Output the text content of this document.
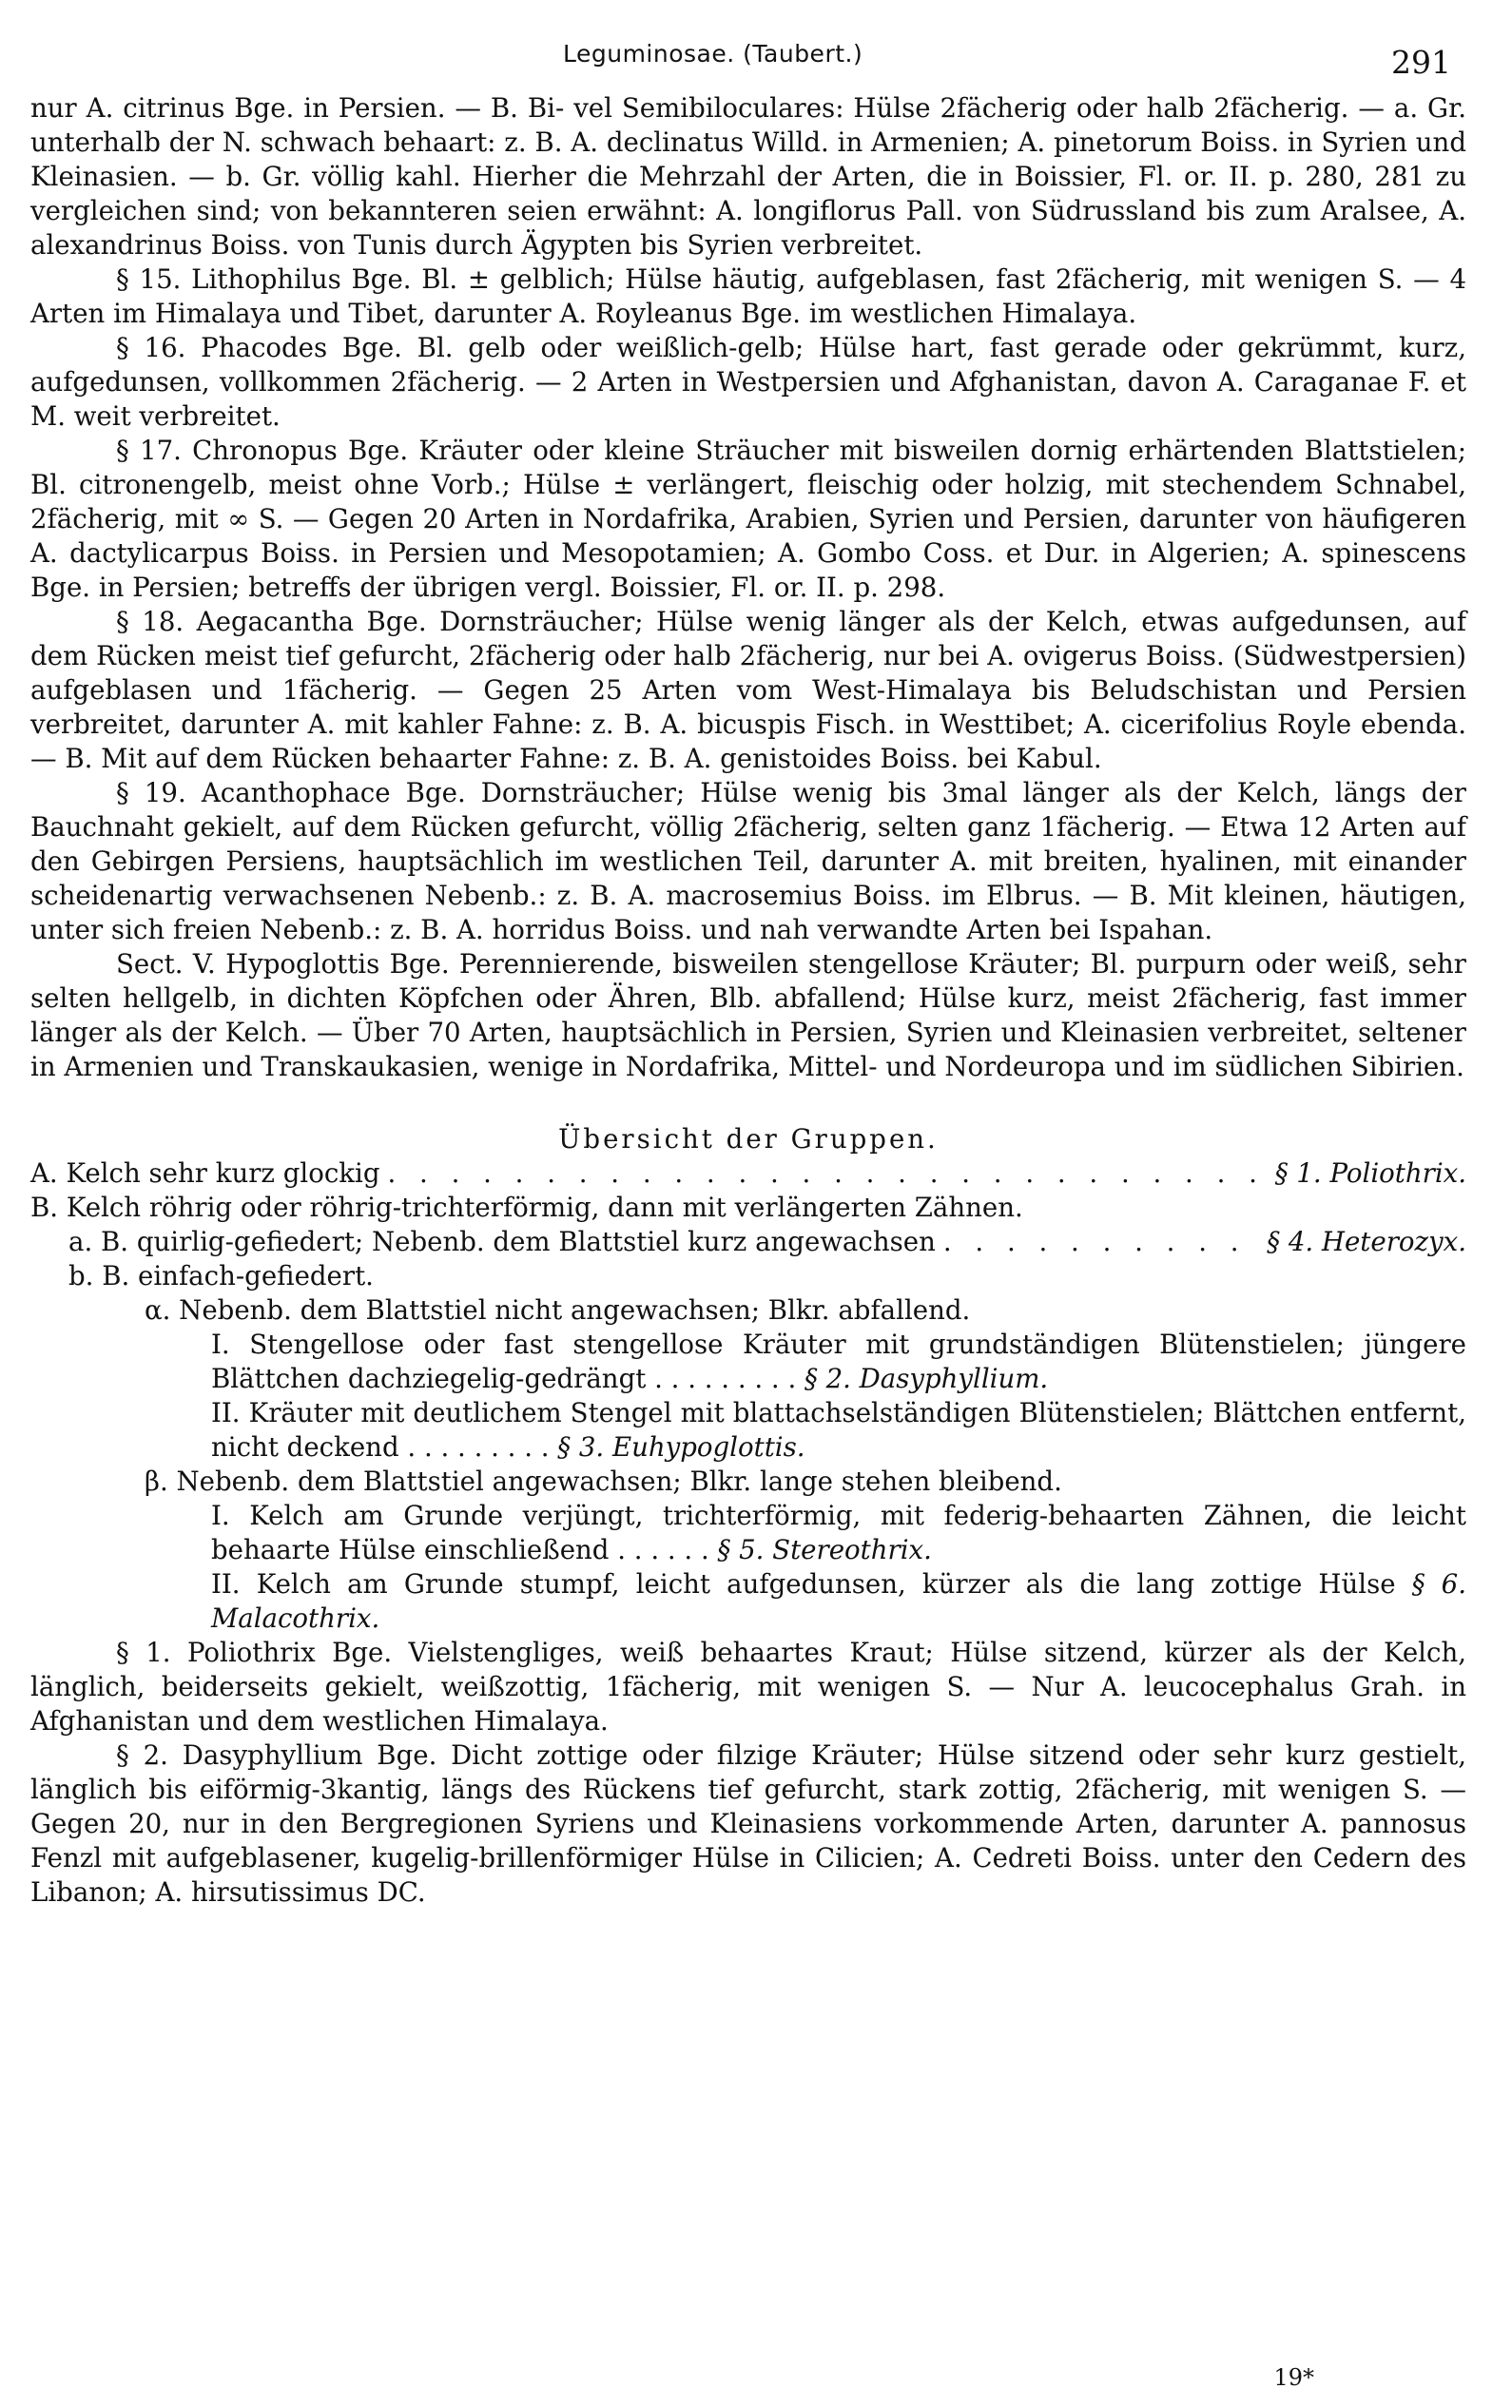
Leguminosae. (Taubert.)	291

nur A. citrinus Bge. in Persien. — B. Bi- vel Semibiloculares: Hülse 2fächerig oder halb 2fächerig. — a. Gr. unterhalb der N. schwach behaart: z. B. A. declinatus Willd. in Armenien; A. pinetorum Boiss. in Syrien und Kleinasien. — b. Gr. völlig kahl. Hierher die Mehrzahl der Arten, die in Boissier, Fl. or. II. p. 280, 281 zu vergleichen sind; von bekannteren seien erwähnt: A. longiflorus Pall. von Südrussland bis zum Aralsee, A. alexandrinus Boiss. von Tunis durch Ägypten bis Syrien verbreitet.

§ 15. Lithophilus Bge. Bl. ± gelblich; Hülse häutig, aufgeblasen, fast 2fächerig, mit wenigen S. — 4 Arten im Himalaya und Tibet, darunter A. Royleanus Bge. im westlichen Himalaya.

§ 16. Phacodes Bge. Bl. gelb oder weißlich-gelb; Hülse hart, fast gerade oder gekrümmt, kurz, aufgedunsen, vollkommen 2fächerig. — 2 Arten in Westpersien und Afghanistan, davon A. Caraganae F. et M. weit verbreitet.

§ 17. Chronopus Bge. Kräuter oder kleine Sträucher mit bisweilen dornig erhärtenden Blattstielen; Bl. citronengelb, meist ohne Vorb.; Hülse ± verlängert, fleischig oder holzig, mit stechendem Schnabel, 2fächerig, mit ∞ S. — Gegen 20 Arten in Nordafrika, Arabien, Syrien und Persien, darunter von häufigeren A. dactylicarpus Boiss. in Persien und Mesopotamien; A. Gombo Coss. et Dur. in Algerien; A. spinescens Bge. in Persien; betreffs der übrigen vergl. Boissier, Fl. or. II. p. 298.

§ 18. Aegacantha Bge. Dornsträucher; Hülse wenig länger als der Kelch, etwas aufgedunsen, auf dem Rücken meist tief gefurcht, 2fächerig oder halb 2fächerig, nur bei A. ovigerus Boiss. (Südwestpersien) aufgeblasen und 1fächerig. — Gegen 25 Arten vom West-Himalaya bis Beludschistan und Persien verbreitet, darunter A. mit kahler Fahne: z. B. A. bicuspis Fisch. in Westtibet; A. cicerifolius Royle ebenda. — B. Mit auf dem Rücken behaarter Fahne: z. B. A. genistoides Boiss. bei Kabul.

§ 19. Acanthophace Bge. Dornsträucher; Hülse wenig bis 3mal länger als der Kelch, längs der Bauchnaht gekielt, auf dem Rücken gefurcht, völlig 2fächerig, selten ganz 1fächerig. — Etwa 12 Arten auf den Gebirgen Persiens, hauptsächlich im westlichen Teil, darunter A. mit breiten, hyalinen, mit einander scheidenartig verwachsenen Nebenb.: z. B. A. macrosemius Boiss. im Elbrus. — B. Mit kleinen, häutigen, unter sich freien Nebenb.: z. B. A. horridus Boiss. und nah verwandte Arten bei Ispahan.

Sect. V. Hypoglottis Bge. Perennierende, bisweilen stengellose Kräuter; Bl. purpurn oder weiß, sehr selten hellgelb, in dichten Köpfchen oder Ähren, Blb. abfallend; Hülse kurz, meist 2fächerig, fast immer länger als der Kelch. — Über 70 Arten, hauptsächlich in Persien, Syrien und Kleinasien verbreitet, seltener in Armenien und Transkaukasien, wenige in Nordafrika, Mittel- und Nordeuropa und im südlichen Sibirien.

Übersicht der Gruppen.

A. Kelch sehr kurz glockig . . .	§ 1. Poliothrix.

B. Kelch röhrig oder röhrig-trichterförmig, dann mit verlängerten Zähnen.

a. B. quirlig-gefiedert; Nebenb. dem Blattstiel kurz angewachsen . . .	§ 4. Heterozyx.

b. B. einfach-gefiedert.

α. Nebenb. dem Blattstiel nicht angewachsen; Blkr. abfallend.

I. Stengellose oder fast stengellose Kräuter mit grundständigen Blütenstielen; jüngere Blättchen dachziegelig-gedrängt . . . . . . . . . § 2. Dasyphyllium.

II. Kräuter mit deutlichem Stengel mit blattachselständigen Blütenstielen; Blättchen entfernt, nicht deckend . . . . . . . . . § 3. Euhypoglottis.

β. Nebenb. dem Blattstiel angewachsen; Blkr. lange stehen bleibend.

I. Kelch am Grunde verjüngt, trichterförmig, mit federig-behaarten Zähnen, die leicht behaarte Hülse einschließend . . . . . . § 5. Stereothrix.

II. Kelch am Grunde stumpf, leicht aufgedunsen, kürzer als die lang zottige Hülse § 6. Malacothrix.

§ 1. Poliothrix Bge. Vielstengliges, weiß behaartes Kraut; Hülse sitzend, kürzer als der Kelch, länglich, beiderseits gekielt, weißzottig, 1fächerig, mit wenigen S. — Nur A. leucocephalus Grah. in Afghanistan und dem westlichen Himalaya.

§ 2. Dasyphyllium Bge. Dicht zottige oder filzige Kräuter; Hülse sitzend oder sehr kurz gestielt, länglich bis eiförmig-3kantig, längs des Rückens tief gefurcht, stark zottig, 2fächerig, mit wenigen S. — Gegen 20, nur in den Bergregionen Syriens und Kleinasiens vorkommende Arten, darunter A. pannosus Fenzl mit aufgeblasener, kugelig-brillenförmiger Hülse in Cilicien; A. Cedreti Boiss. unter den Cedern des Libanon; A. hirsutissimus DC.

19*
